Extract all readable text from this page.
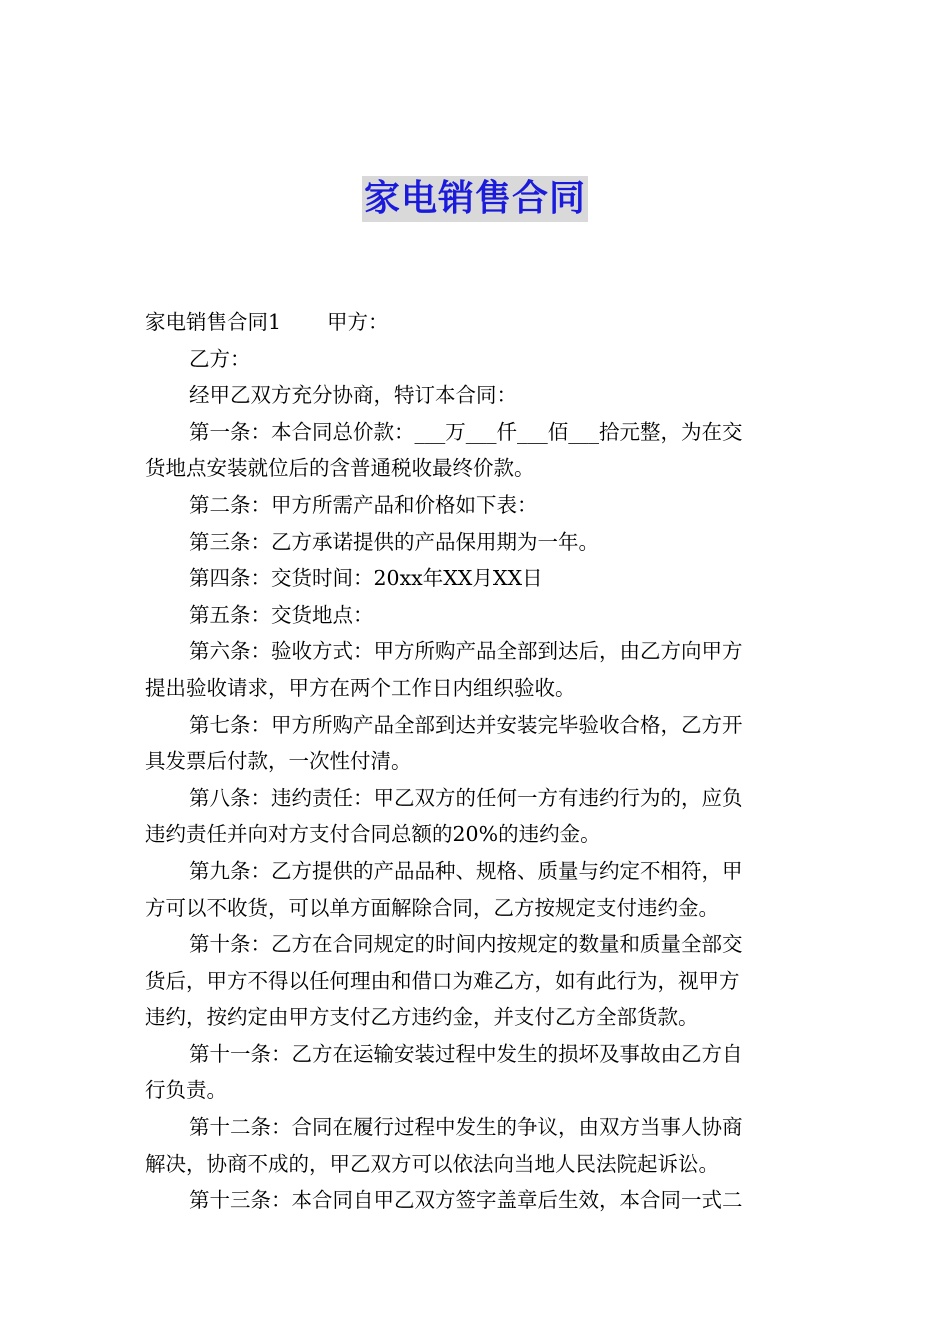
家电销售合同
家电销售合同1 甲方：
乙方：
经甲乙双方充分协商，特订本合同：
第一条：本合同总价款：___万___仟___佰___拾元整，为在交
货地点安装就位后的含普通税收最终价款。
第二条：甲方所需产品和价格如下表：
第三条：乙方承诺提供的产品保用期为一年。
第四条：交货时间：20xx年XX月XX日
第五条：交货地点：
第六条：验收方式：甲方所购产品全部到达后，由乙方向甲方
提出验收请求，甲方在两个工作日内组织验收。
第七条：甲方所购产品全部到达并安装完毕验收合格，乙方开
具发票后付款，一次性付清。
第八条：违约责任：甲乙双方的任何一方有违约行为的，应负
违约责任并向对方支付合同总额的20%的违约金。
第九条：乙方提供的产品品种、规格、质量与约定不相符，甲
方可以不收货，可以单方面解除合同，乙方按规定支付违约金。
第十条：乙方在合同规定的时间内按规定的数量和质量全部交
货后，甲方不得以任何理由和借口为难乙方，如有此行为，视甲方
违约，按约定由甲方支付乙方违约金，并支付乙方全部货款。
第十一条：乙方在运输安装过程中发生的损坏及事故由乙方自
行负责。
第十二条：合同在履行过程中发生的争议，由双方当事人协商
解决，协商不成的，甲乙双方可以依法向当地人民法院起诉讼。
第十三条：本合同自甲乙双方签字盖章后生效，本合同一式二
